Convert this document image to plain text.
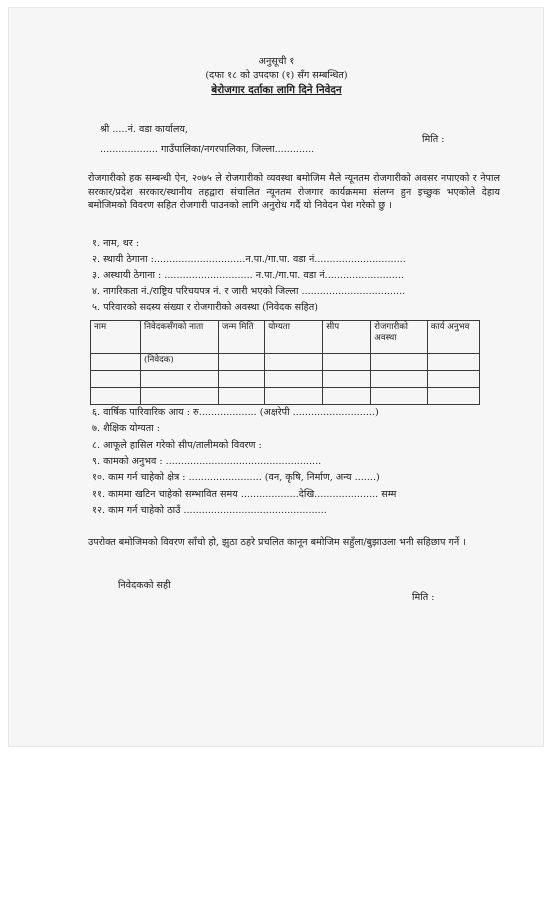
अनुसूची १
(दफा १८ को उपदफा (१) सँग सम्बन्धित)
बेरोजगार दर्ताका लागि दिने निवेदन
श्री .....नं. वडा कार्यालय,
................... गाउँपालिका/नगरपालिका, जिल्ला.............
मिति :
रोजगारीको हक सम्बन्धी ऐन, २०७५ ले रोजगारीको व्यवस्था बमोजिम मैले न्यूनतम रोजगारीको अवसर नपाएको र नेपाल सरकार/प्रदेश सरकार/स्थानीय तहद्वारा संचालित न्यूनतम रोजगार कार्यक्रममा संलग्न हुन इच्छुक भएकोले देहाय बमोजिमको विवरण सहित रोजगारी पाउनको लागि अनुरोध गर्दै यो निवेदन पेश गरेको छु ।
१. नाम, थर :
२. स्थायी ठेगाना :..............................न.पा./गा.पा. वडा नं..............................
३. अस्थायी ठेगाना : ............................. न.पा./गा.पा. वडा नं..........................
४. नागरिकता नं./राष्ट्रिय परिचयपत्र नं. र जारी भएको जिल्ला ..................................
५. परिवारको सदस्य संख्या र रोजगारीको अवस्था (निवेदक सहित)
नाम	निवेदकसँगको नाता	जन्म मिति	योग्यता	सीप	रोजगारीको अवस्था	कार्य अनुभव
	(निवेदक)					

६. वार्षिक पारिवारिक आय : रु................... (अक्षरेपी ...........................)
७. शैक्षिक योग्यता :
८. आफूले हासिल गरेको सीप/तालीमको विवरण :
९. कामको अनुभव : ...................................................
१०. काम गर्न चाहेको क्षेत्र : ........................ (वन, कृषि, निर्माण, अन्य .......)
११. काममा खटिन चाहेको सम्भावित समय ...................देखि..................... सम्म
१२. काम गर्न चाहेको ठाउँ ...............................................
उपरोक्त बमोजिमको विवरण साँचो हो, झुठा ठहरे प्रचलित कानून बमोजिम सहुँला/बुझाउला भनी सहिछाप गर्ने ।
निवेदकको सही
मिति :
